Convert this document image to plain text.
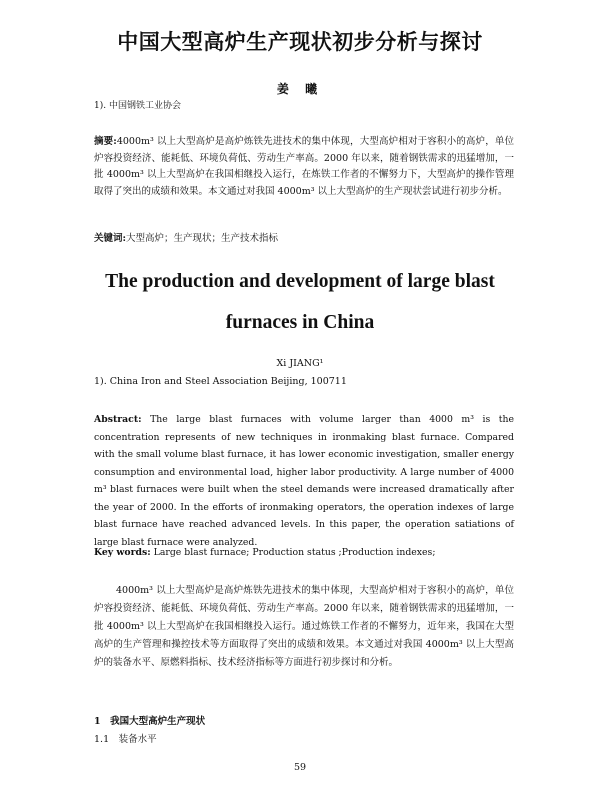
中国大型高炉生产现状初步分析与探讨
姜 曦
1). 中国钢铁工业协会
摘要:4000m³ 以上大型高炉是高炉炼铁先进技术的集中体现，大型高炉相对于容积小的高炉，单位炉容投资经济、能耗低、环境负荷低、劳动生产率高。2000 年以来，随着钢铁需求的迅猛增加，一批 4000m³ 以上大型高炉在我国相继投入运行，在炼铁工作者的不懈努力下，大型高炉的操作管理取得了突出的成绩和效果。本文通过对我国 4000m³ 以上大型高炉的生产现状尝试进行初步分析。
关键词:大型高炉；生产现状；生产技术指标
The production and development of large blast
furnaces in China
Xi JIANG¹
1). China Iron and Steel Association Beijing, 100711
Abstract: The large blast furnaces with volume larger than 4000 m³ is the concentration represents of new techniques in ironmaking blast furnace. Compared with the small volume blast furnace, it has lower economic investigation, smaller energy consumption and environmental load, higher labor productivity. A large number of 4000 m³ blast furnaces were built when the steel demands were increased dramatically after the year of 2000. In the efforts of ironmaking operators, the operation indexes of large blast furnace have reached advanced levels. In this paper, the operation satiations of large blast furnace were analyzed.
Key words: Large blast furnace; Production status ;Production indexes;
4000m³ 以上大型高炉是高炉炼铁先进技术的集中体现，大型高炉相对于容积小的高炉，单位炉容投资经济、能耗低、环境负荷低、劳动生产率高。2000 年以来，随着钢铁需求的迅猛增加，一批 4000m³ 以上大型高炉在我国相继投入运行。通过炼铁工作者的不懈努力，近年来，我国在大型高炉的生产管理和操控技术等方面取得了突出的成绩和效果。本文通过对我国 4000m³ 以上大型高炉的装备水平、原燃料指标、技术经济指标等方面进行初步探讨和分析。
1　我国大型高炉生产现状
1.1　装备水平
59
